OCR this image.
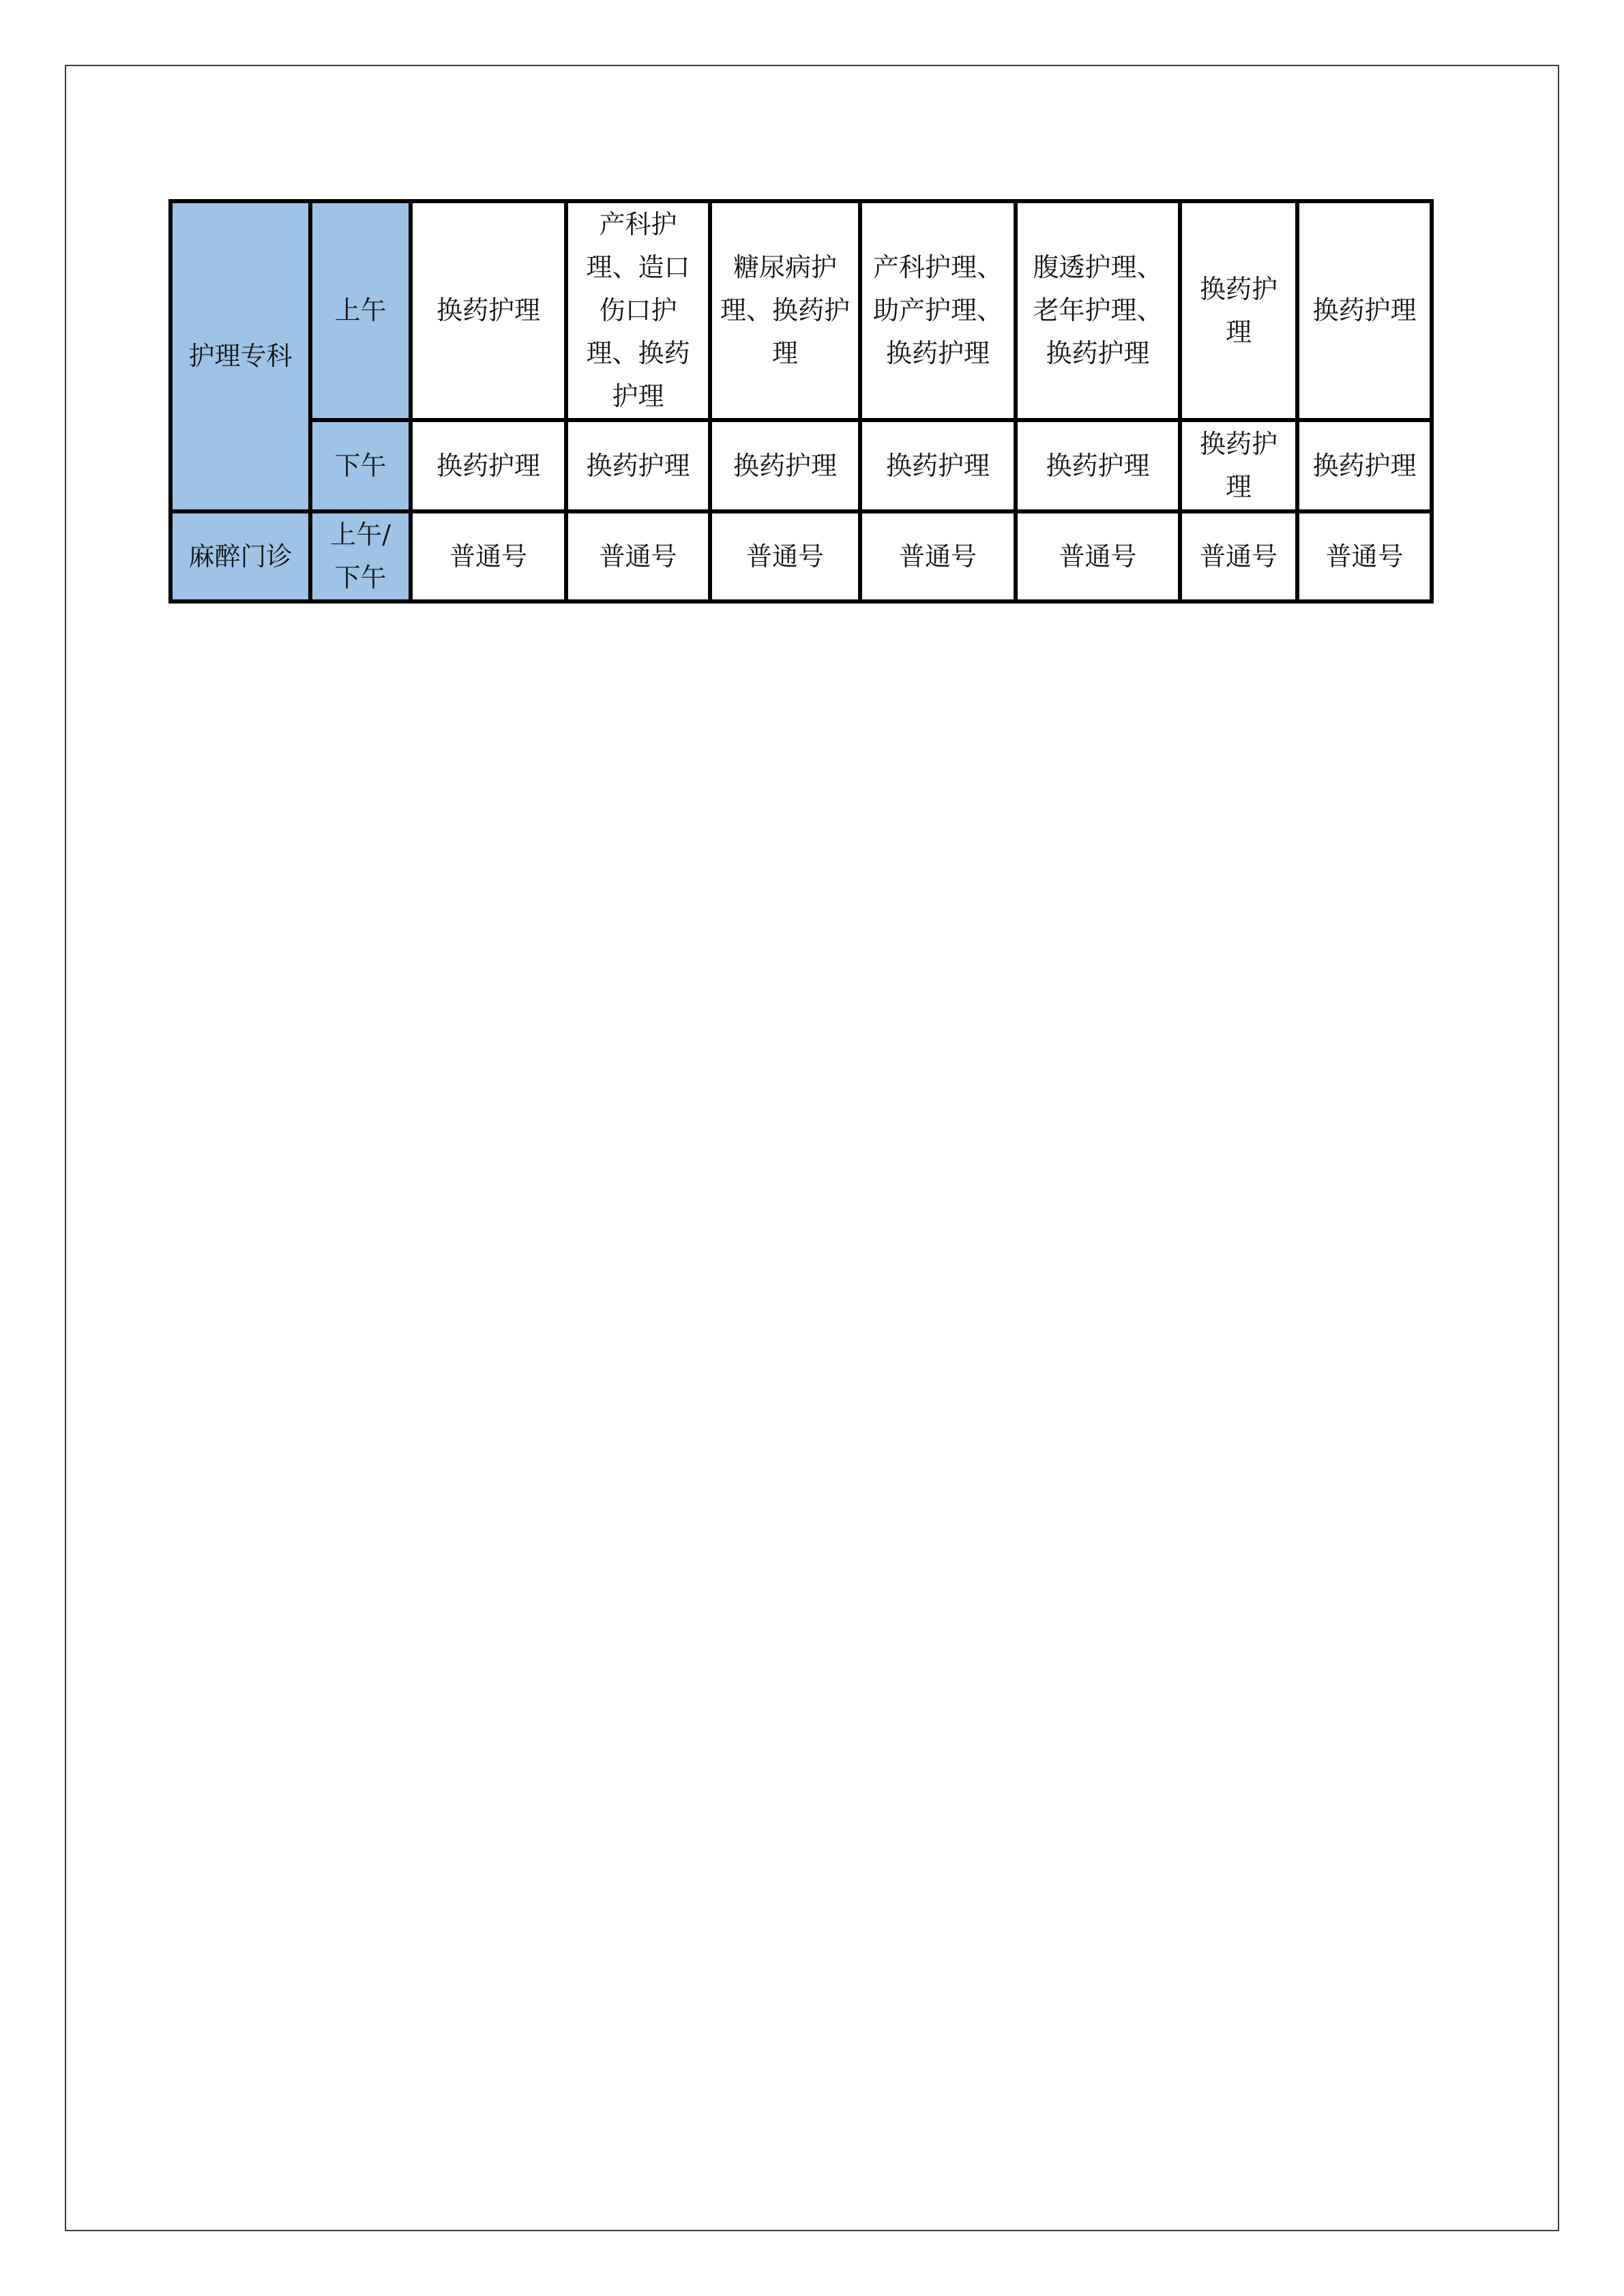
护理专科	上午	换药护理	产科护理、造口伤口护理、换药护理	糖尿病护理、换药护理	产科护理、助产护理、换药护理	腹透护理、老年护理、换药护理	换药护理	换药护理
	下午	换药护理	换药护理	换药护理	换药护理	换药护理	换药护理	换药护理
麻醉门诊	上午/下午	普通号	普通号	普通号	普通号	普通号	普通号	普通号
